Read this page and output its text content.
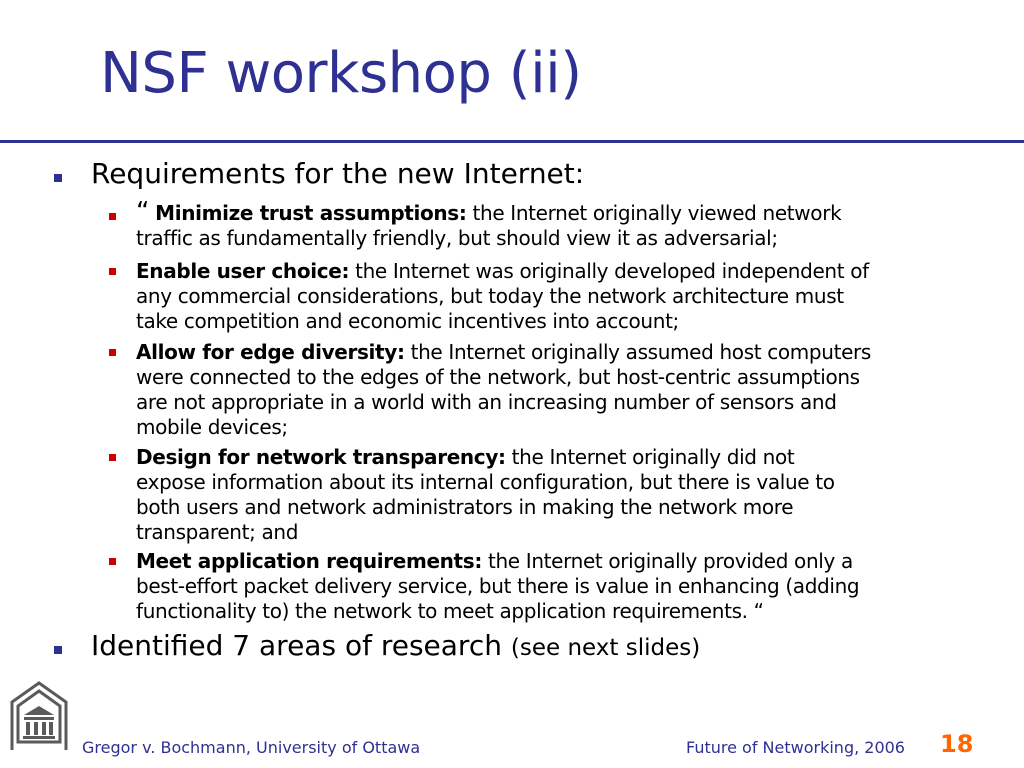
NSF workshop (ii)
Requirements for the new Internet:
“ Minimize trust assumptions: the Internet originally viewed network
traffic as fundamentally friendly, but should view it as adversarial;
Enable user choice: the Internet was originally developed independent of
any commercial considerations, but today the network architecture must
take competition and economic incentives into account;
Allow for edge diversity: the Internet originally assumed host computers
were connected to the edges of the network, but host-centric assumptions
are not appropriate in a world with an increasing number of sensors and
mobile devices;
Design for network transparency: the Internet originally did not
expose information about its internal configuration, but there is value to
both users and network administrators in making the network more
transparent; and
Meet application requirements: the Internet originally provided only a
best-effort packet delivery service, but there is value in enhancing (adding
functionality to) the network to meet application requirements. “
Identified 7 areas of research (see next slides)
Gregor v. Bochmann, University of Ottawa	Future of Networking, 2006 18
